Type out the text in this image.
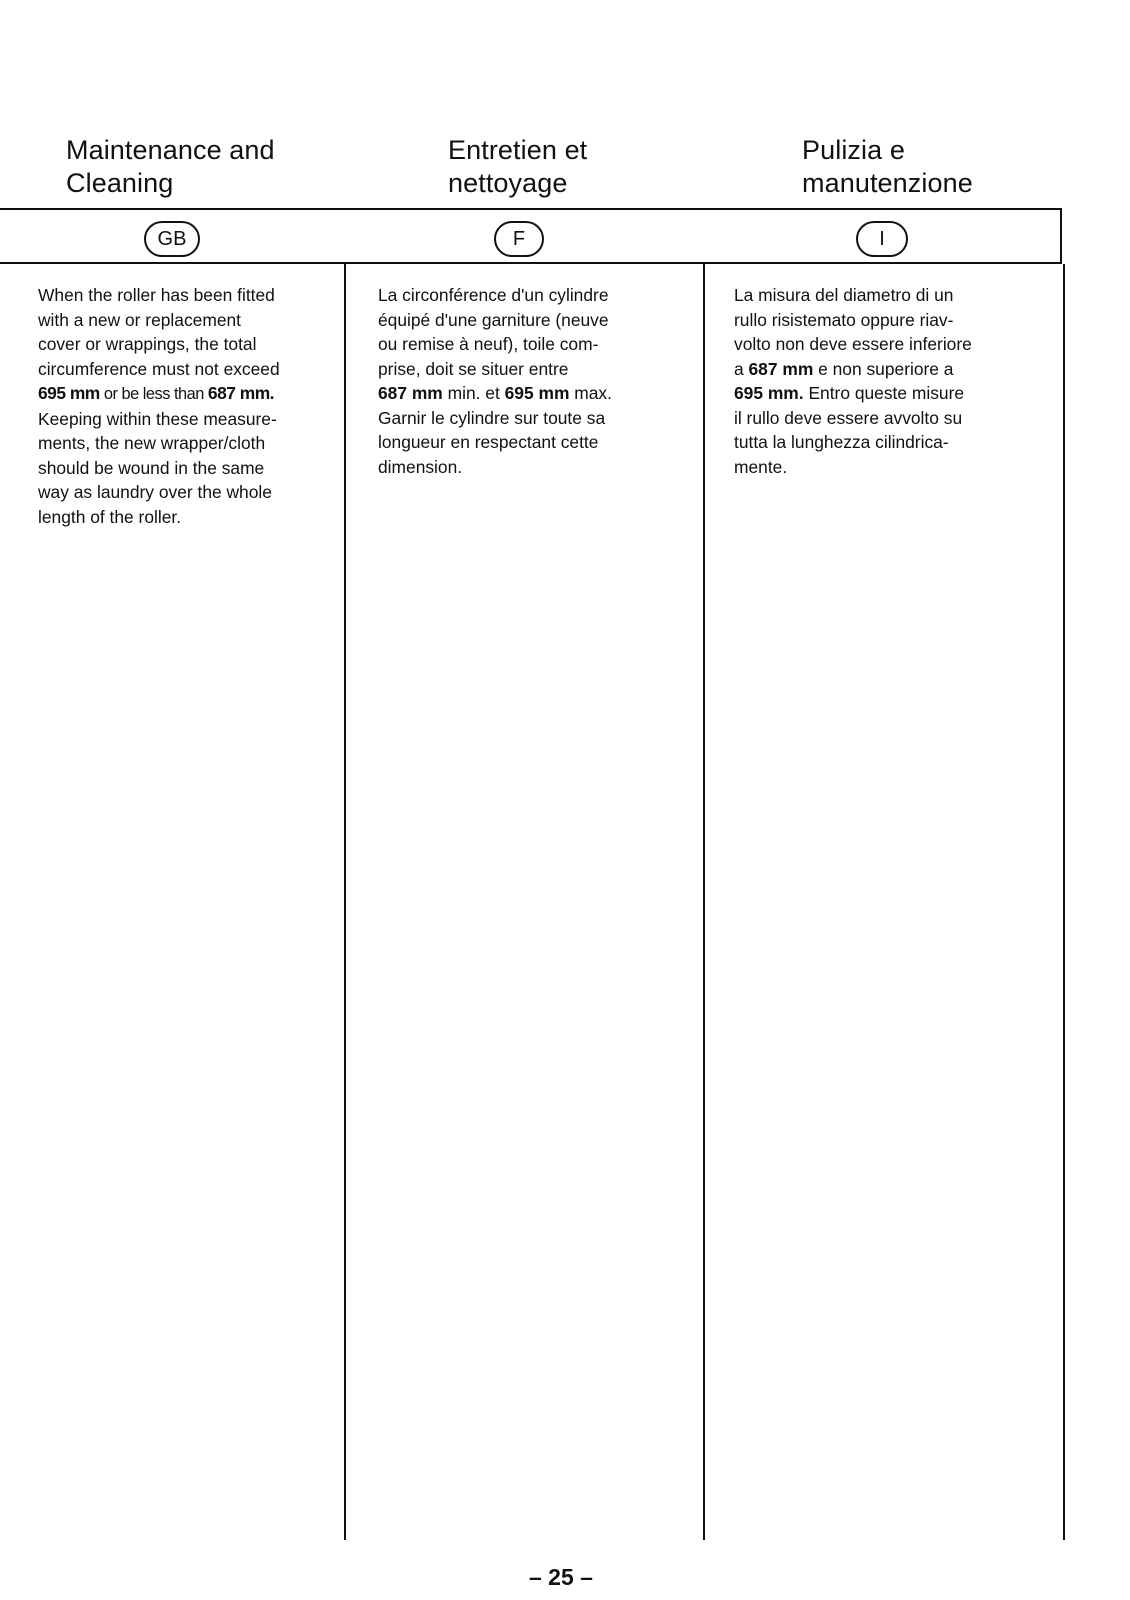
Maintenance and
Cleaning
Entretien et
nettoyage
Pulizia e
manutenzione
GB	F	I
When the roller has been fitted
with a new or replacement
cover or wrappings, the total
circumference must not exceed
695 mm or be less than 687 mm.
Keeping within these measure-
ments, the new wrapper/cloth
should be wound in the same
way as laundry over the whole
length of the roller.
La circonférence d'un cylindre
équipé d'une garniture (neuve
ou remise à neuf), toile com-
prise, doit se situer entre
687 mm min. et 695 mm max.
Garnir le cylindre sur toute sa
longueur en respectant cette
dimension.
La misura del diametro di un
rullo risistemato oppure riav-
volto non deve essere inferiore
a 687 mm e non superiore a
695 mm. Entro queste misure
il rullo deve essere avvolto su
tutta la lunghezza cilindrica-
mente.
– 25 –
